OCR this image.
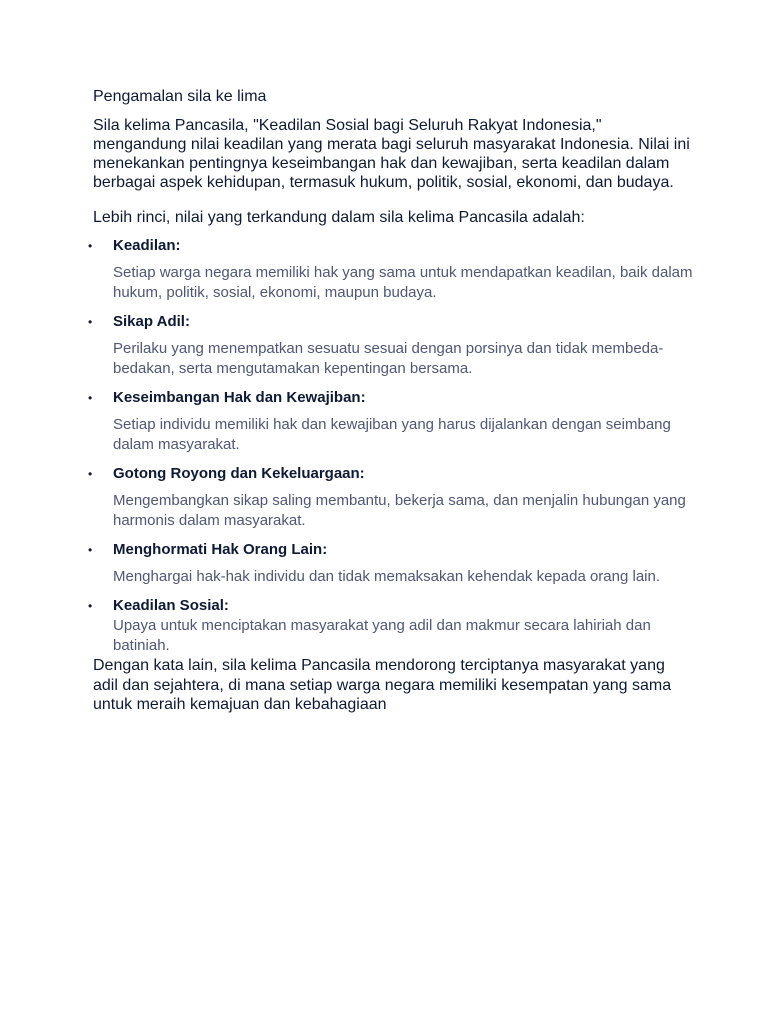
Pengamalan sila ke lima

Sila kelima Pancasila, "Keadilan Sosial bagi Seluruh Rakyat Indonesia," mengandung nilai keadilan yang merata bagi seluruh masyarakat Indonesia. Nilai ini menekankan pentingnya keseimbangan hak dan kewajiban, serta keadilan dalam berbagai aspek kehidupan, termasuk hukum, politik, sosial, ekonomi, dan budaya.

Lebih rinci, nilai yang terkandung dalam sila kelima Pancasila adalah:

• Keadilan:

Setiap warga negara memiliki hak yang sama untuk mendapatkan keadilan, baik dalam hukum, politik, sosial, ekonomi, maupun budaya.

• Sikap Adil:

Perilaku yang menempatkan sesuatu sesuai dengan porsinya dan tidak membeda-bedakan, serta mengutamakan kepentingan bersama.

• Keseimbangan Hak dan Kewajiban:

Setiap individu memiliki hak dan kewajiban yang harus dijalankan dengan seimbang dalam masyarakat.

• Gotong Royong dan Kekeluargaan:

Mengembangkan sikap saling membantu, bekerja sama, dan menjalin hubungan yang harmonis dalam masyarakat.

• Menghormati Hak Orang Lain:

Menghargai hak-hak individu dan tidak memaksakan kehendak kepada orang lain.

• Keadilan Sosial:

Upaya untuk menciptakan masyarakat yang adil dan makmur secara lahiriah dan batiniah.

Dengan kata lain, sila kelima Pancasila mendorong terciptanya masyarakat yang adil dan sejahtera, di mana setiap warga negara memiliki kesempatan yang sama untuk meraih kemajuan dan kebahagiaan
